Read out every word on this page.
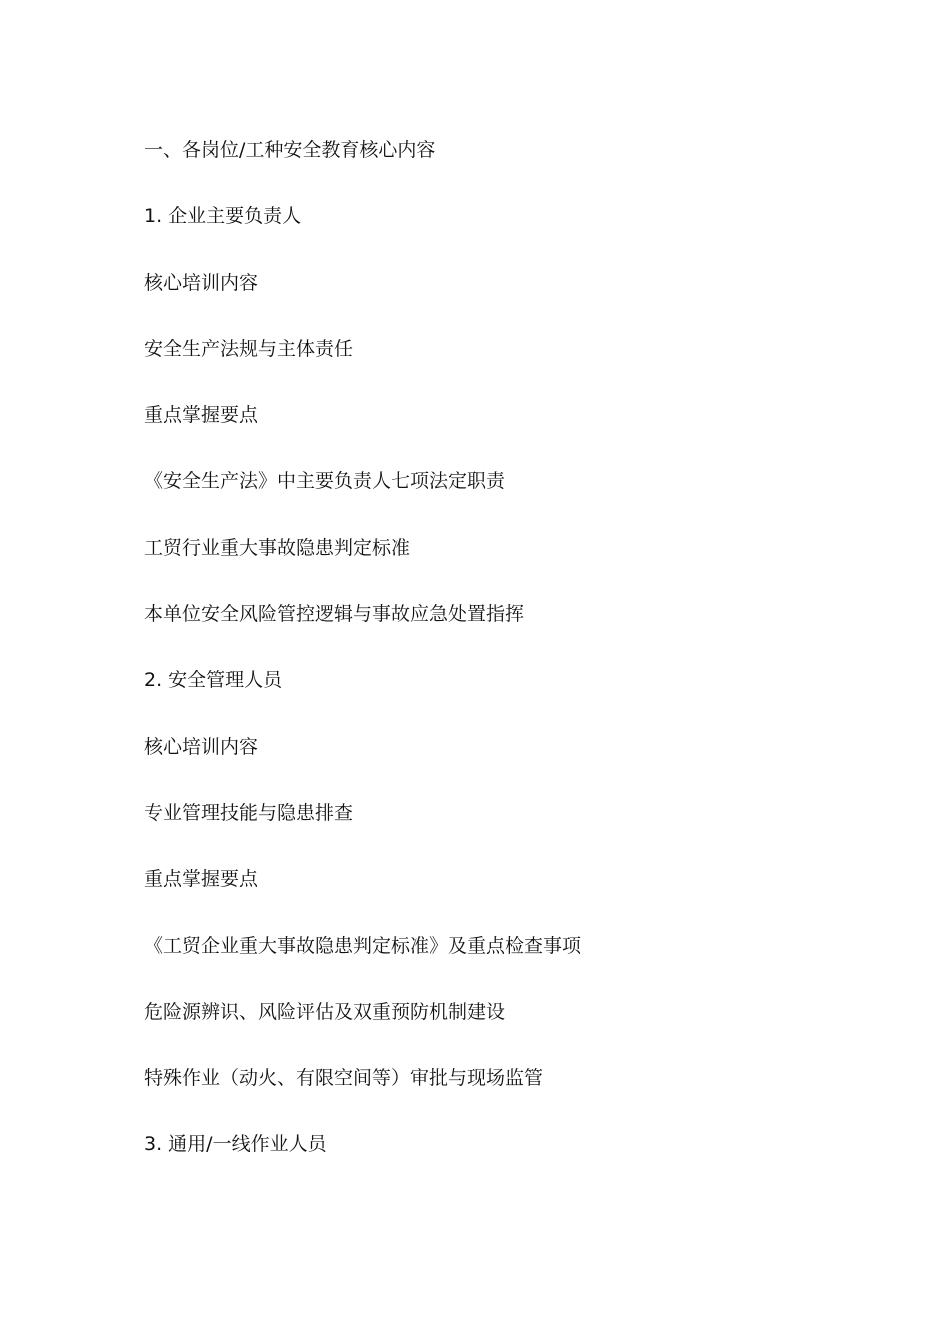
一、各岗位/工种安全教育核心内容
1. 企业主要负责人
核心培训内容
安全生产法规与主体责任
重点掌握要点
《安全生产法》中主要负责人七项法定职责
工贸行业重大事故隐患判定标准
本单位安全风险管控逻辑与事故应急处置指挥
2. 安全管理人员
核心培训内容
专业管理技能与隐患排查
重点掌握要点
《工贸企业重大事故隐患判定标准》及重点检查事项
危险源辨识、风险评估及双重预防机制建设
特殊作业（动火、有限空间等）审批与现场监管
3. 通用/一线作业人员
